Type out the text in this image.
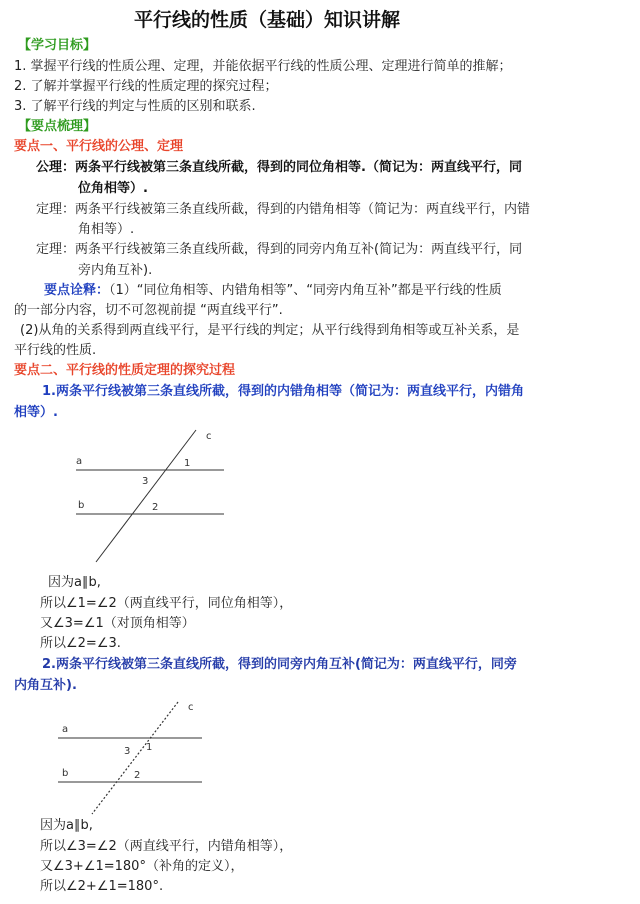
平行线的性质（基础）知识讲解
【学习目标】
1. 掌握平行线的性质公理、定理，并能依据平行线的性质公理、定理进行简单的推解；
2. 了解并掌握平行线的性质定理的探究过程；
3. 了解平行线的判定与性质的区别和联系.
【要点梳理】
要点一、平行线的公理、定理
公理：两条平行线被第三条直线所截，得到的同位角相等.（简记为：两直线平行，同
位角相等）.
定理：两条平行线被第三条直线所截，得到的内错角相等（简记为：两直线平行，内错
角相等）.
定理：两条平行线被第三条直线所截，得到的同旁内角互补(简记为：两直线平行，同
旁内角互补).
要点诠释：（1）“同位角相等、内错角相等”、“同旁内角互补”都是平行线的性质
的一部分内容，切不可忽视前提 “两直线平行”.
(2)从角的关系得到两直线平行，是平行线的判定；从平行线得到角相等或互补关系，是
平行线的性质.
要点二、平行线的性质定理的探究过程
1.两条平行线被第三条直线所截，得到的内错角相等（简记为：两直线平行，内错角
相等）.
a
b
c
1
3
2
因为a∥b,
所以∠1=∠2（两直线平行，同位角相等），
又∠3=∠1（对顶角相等）
所以∠2=∠3.
2.两条平行线被第三条直线所截，得到的同旁内角互补(简记为：两直线平行，同旁
内角互补).
a
b
c
1
3
2
因为a∥b,
所以∠3=∠2（两直线平行，内错角相等），
又∠3+∠1=180°（补角的定义），
所以∠2+∠1=180°.
